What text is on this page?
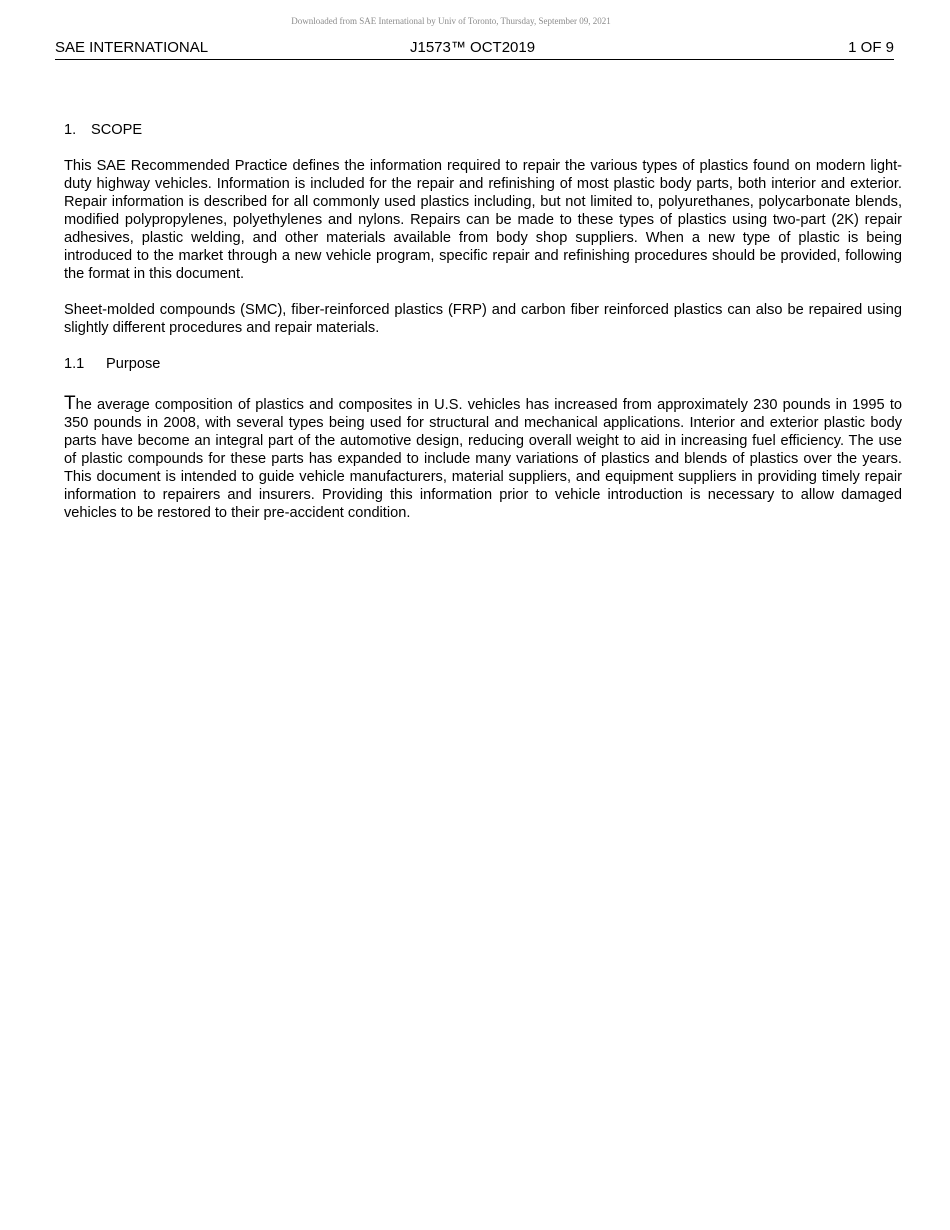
Downloaded from SAE International by Univ of Toronto, Thursday, September 09, 2021
SAE INTERNATIONAL	J1573™ OCT2019	1 OF 9
1.	SCOPE

This SAE Recommended Practice defines the information required to repair the various types of plastics found on modern light-duty highway vehicles. Information is included for the repair and refinishing of most plastic body parts, both interior and exterior. Repair information is described for all commonly used plastics including, but not limited to, polyurethanes, polycarbonate blends, modified polypropylenes, polyethylenes and nylons. Repairs can be made to these types of plastics using two-part (2K) repair adhesives, plastic welding, and other materials available from body shop suppliers. When a new type of plastic is being introduced to the market through a new vehicle program, specific repair and refinishing procedures should be provided, following the format in this document.

Sheet-molded compounds (SMC), fiber-reinforced plastics (FRP) and carbon fiber reinforced plastics can also be repaired using slightly different procedures and repair materials.

1.1	Purpose

The average composition of plastics and composites in U.S. vehicles has increased from approximately 230 pounds in 1995 to 350 pounds in 2008, with several types being used for structural and mechanical applications. Interior and exterior plastic body parts have become an integral part of the automotive design, reducing overall weight to aid in increasing fuel efficiency. The use of plastic compounds for these parts has expanded to include many variations of plastics and blends of plastics over the years. This document is intended to guide vehicle manufacturers, material suppliers, and equipment suppliers in providing timely repair information to repairers and insurers. Providing this information prior to vehicle introduction is necessary to allow damaged vehicles to be restored to their pre-accident condition.
